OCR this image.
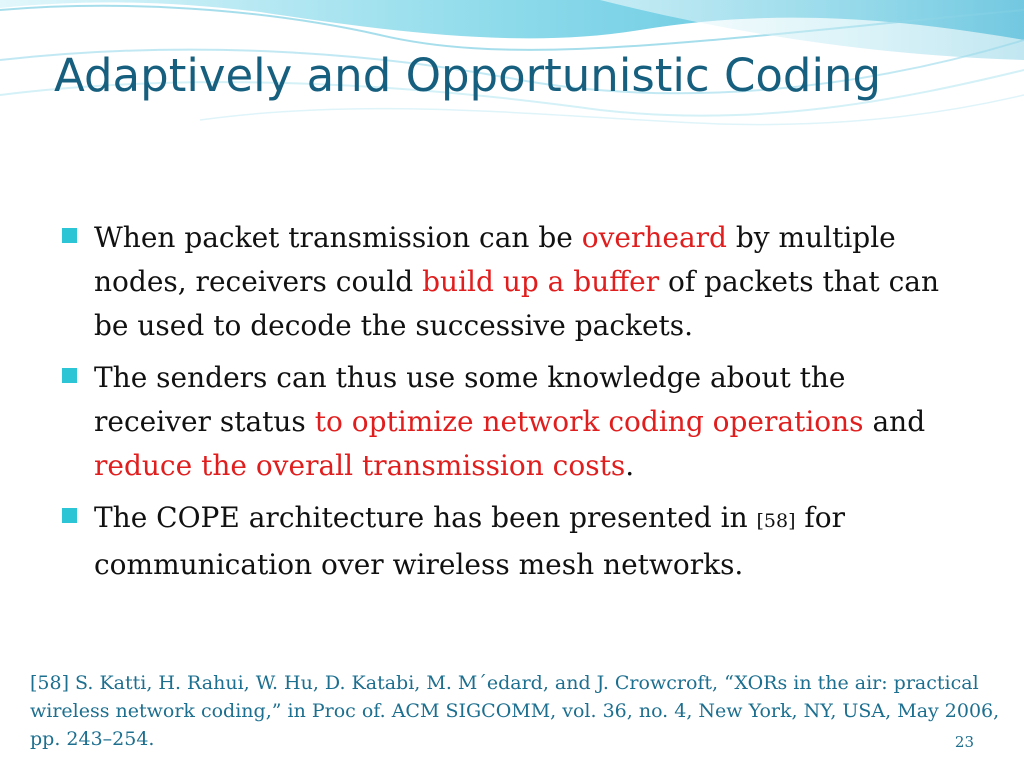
Adaptively and Opportunistic Coding
When packet transmission can be overheard by multiple nodes, receivers could build up a buffer of packets that can be used to decode the successive packets.
The senders can thus use some knowledge about the receiver status to optimize network coding operations and reduce the overall transmission costs.
The COPE architecture has been presented in [58] for communication over wireless mesh networks.
[58] S. Katti, H. Rahui, W. Hu, D. Katabi, M. M´edard, and J. Crowcroft, “XORs in the air: practical wireless network coding,” in Proc of. ACM SIGCOMM, vol. 36, no. 4, New York, NY, USA, May 2006, pp. 243–254.	23
